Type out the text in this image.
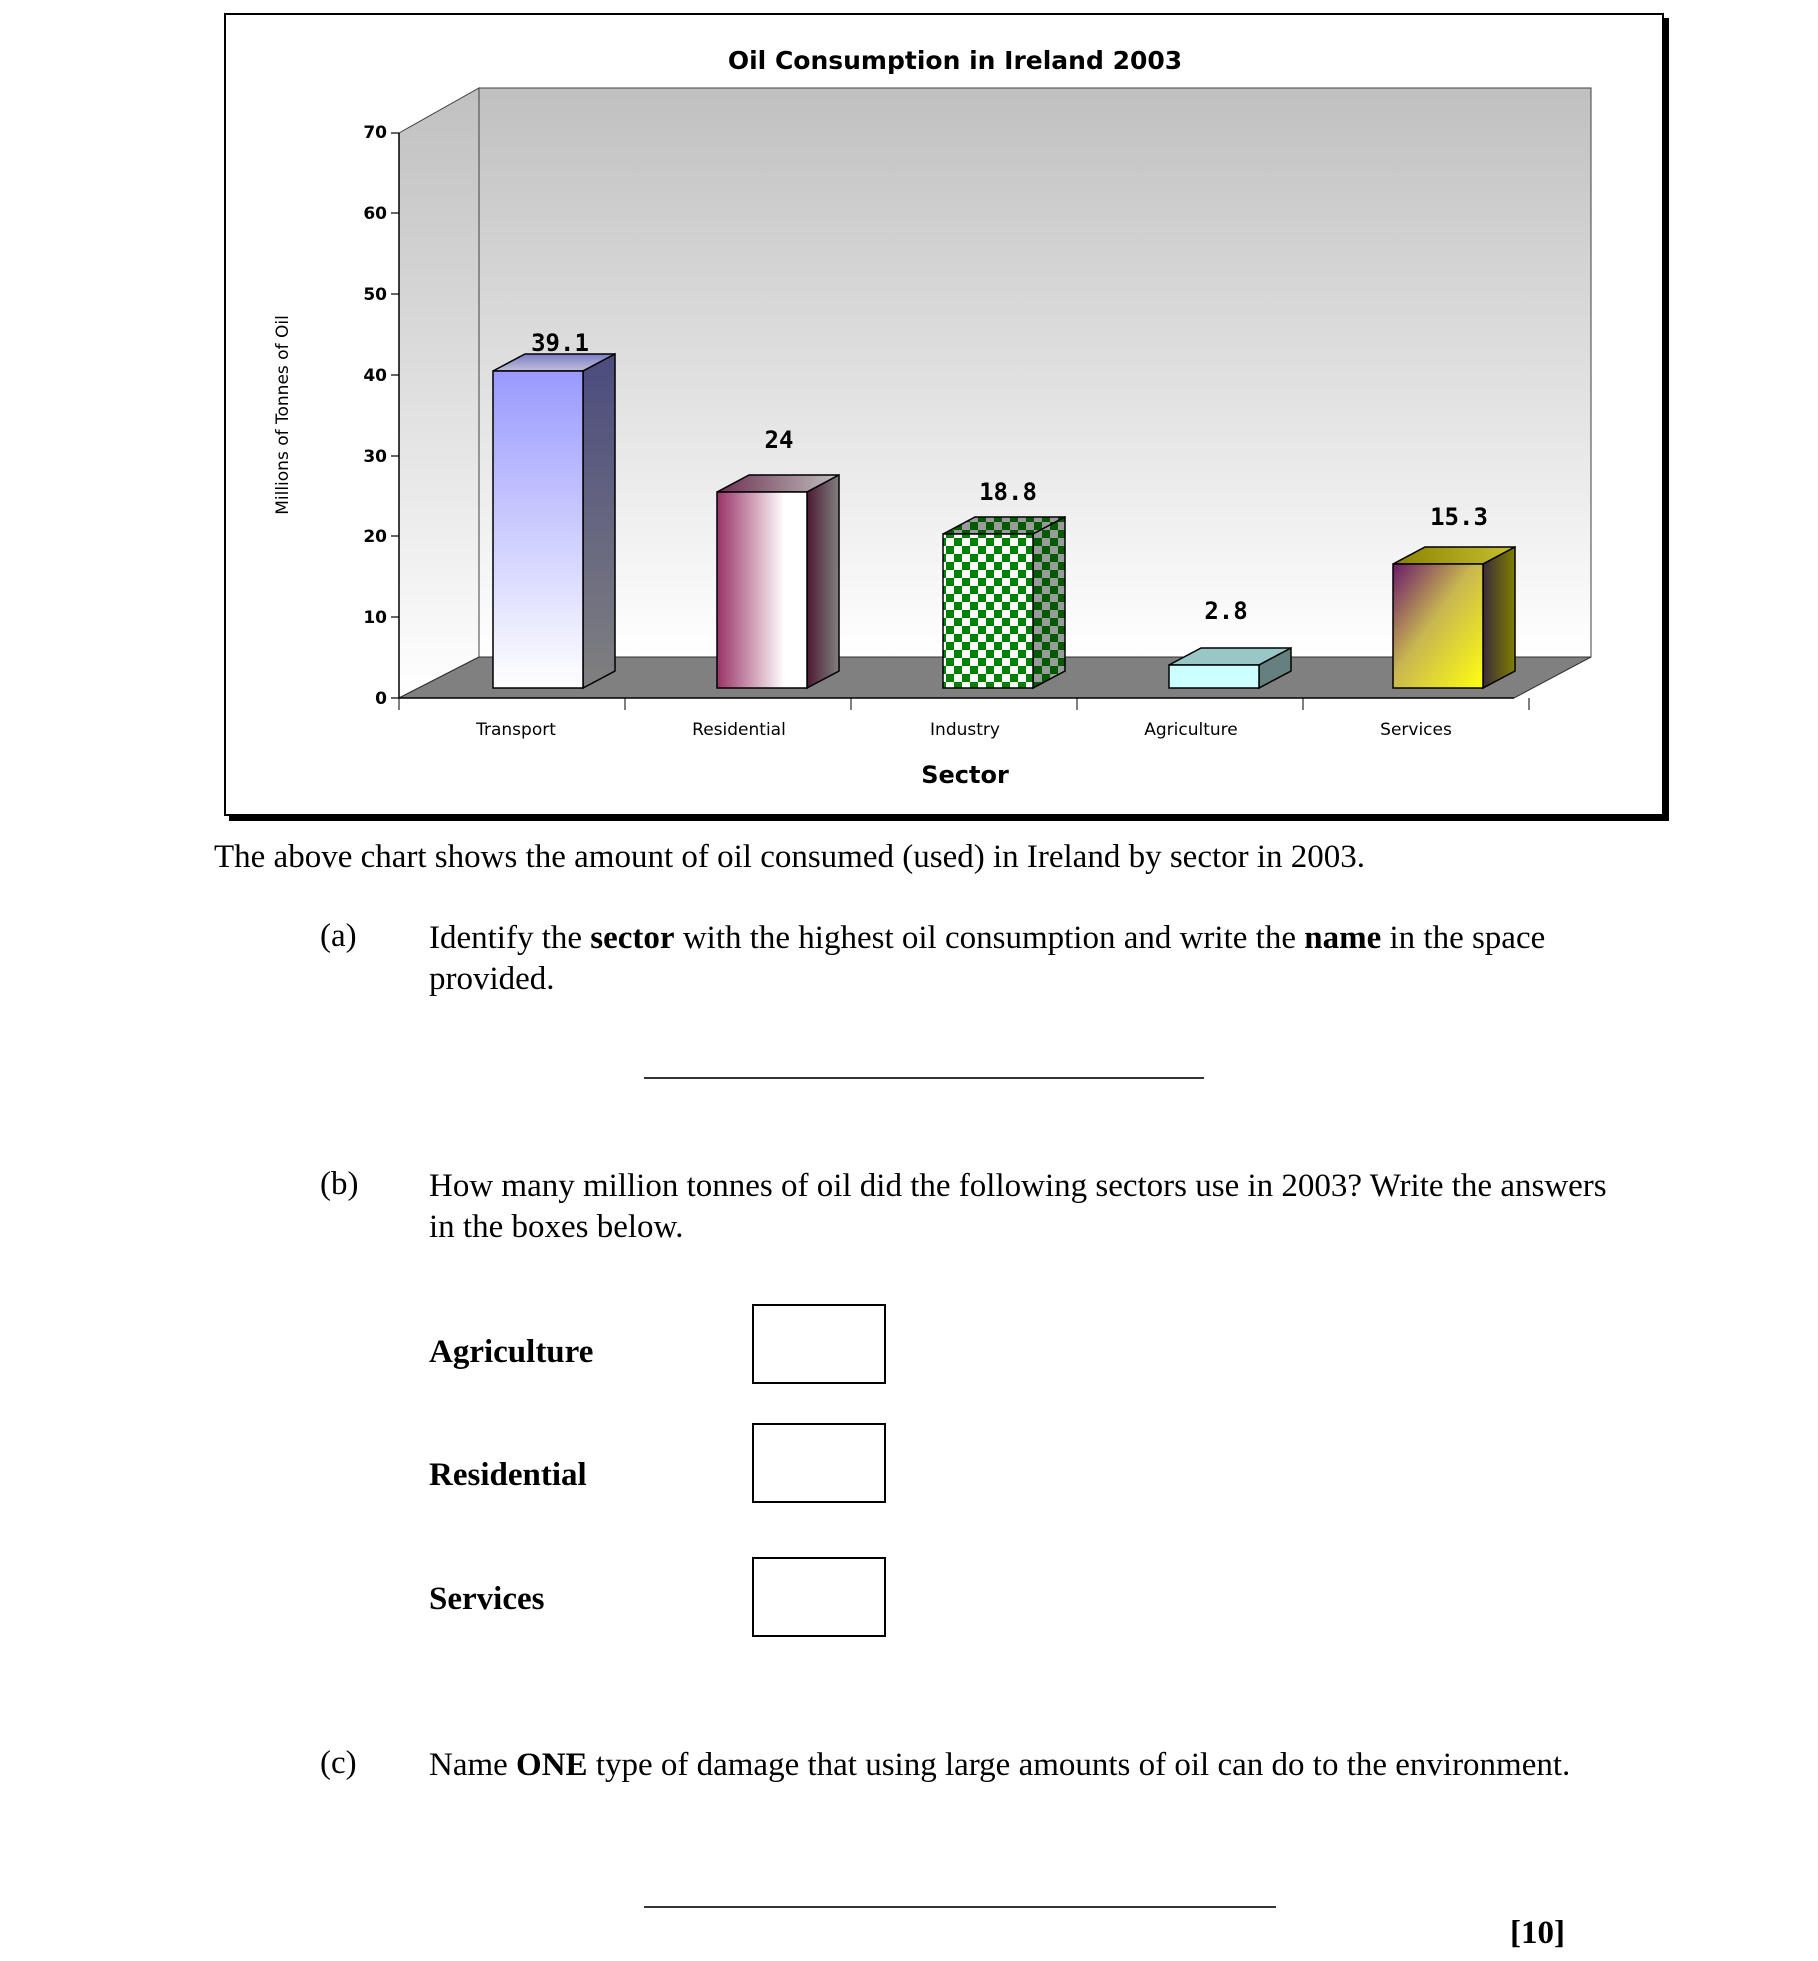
39.1
24
18.8
2.8
15.3
Transport	Residential	Industry	Agriculture	Services
Oil Consumption in Ireland 2003
Sector
Millions of Tonnes of Oil
0
10
20
30
40
50
60
70
The above chart shows the amount of oil consumed (used) in Ireland by sector in 2003.
(a) Identify the sector with the highest oil consumption and write the name in the space provided.
(b) How many million tonnes of oil did the following sectors use in 2003? Write the answers in the boxes below.
Agriculture
Residential
Services
(c) Name ONE type of damage that using large amounts of oil can do to the environment.
[10]
